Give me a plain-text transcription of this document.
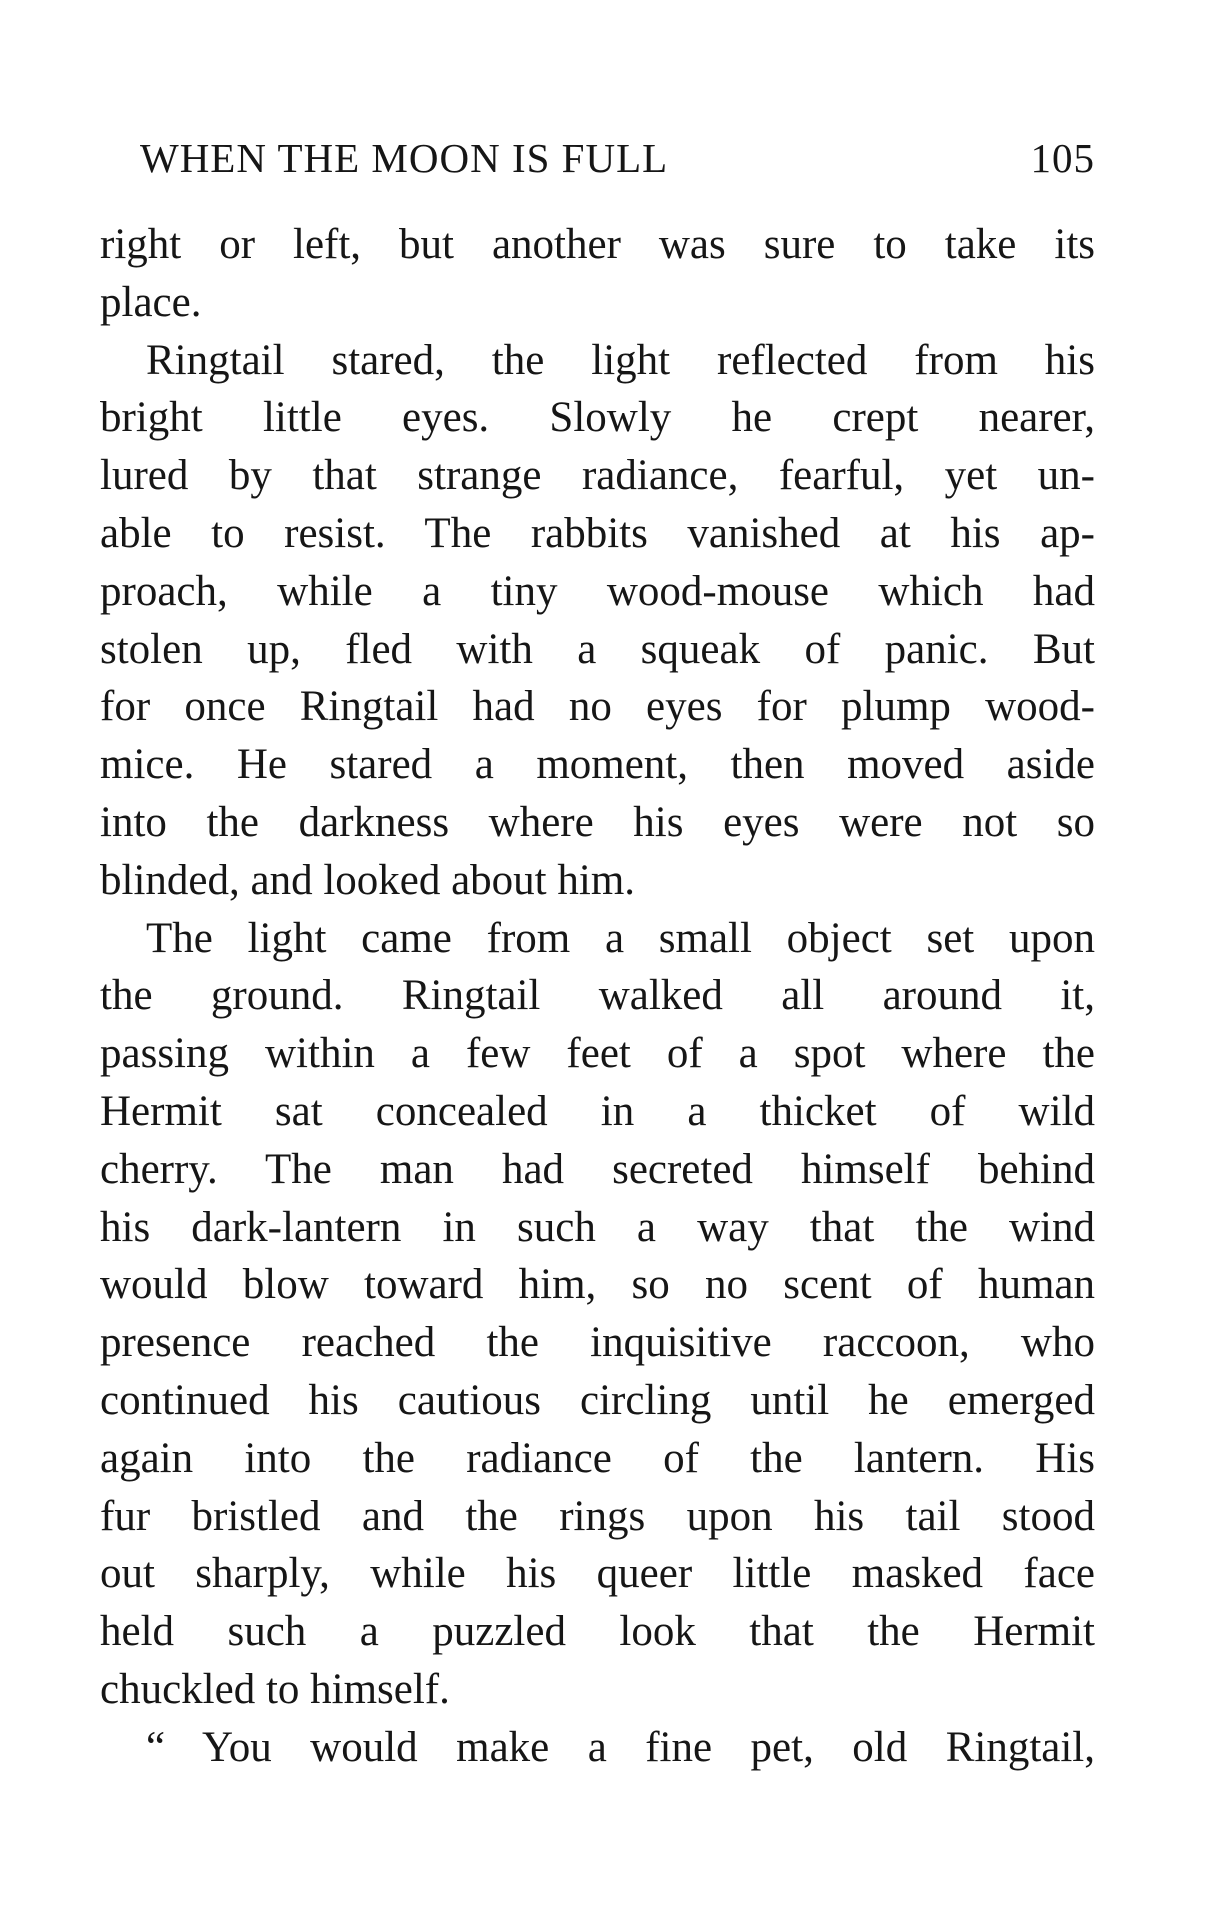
WHEN THE MOON IS FULL	105
right or left, but another was sure to take its
place.
Ringtail stared, the light reflected from his
bright little eyes. Slowly he crept nearer,
lured by that strange radiance, fearful, yet un-
able to resist. The rabbits vanished at his ap-
proach, while a tiny wood-mouse which had
stolen up, fled with a squeak of panic. But
for once Ringtail had no eyes for plump wood-
mice. He stared a moment, then moved aside
into the darkness where his eyes were not so
blinded, and looked about him.
The light came from a small object set upon
the ground. Ringtail walked all around it,
passing within a few feet of a spot where the
Hermit sat concealed in a thicket of wild
cherry. The man had secreted himself behind
his dark-lantern in such a way that the wind
would blow toward him, so no scent of human
presence reached the inquisitive raccoon, who
continued his cautious circling until he emerged
again into the radiance of the lantern. His
fur bristled and the rings upon his tail stood
out sharply, while his queer little masked face
held such a puzzled look that the Hermit
chuckled to himself.
“ You would make a fine pet, old Ringtail,
